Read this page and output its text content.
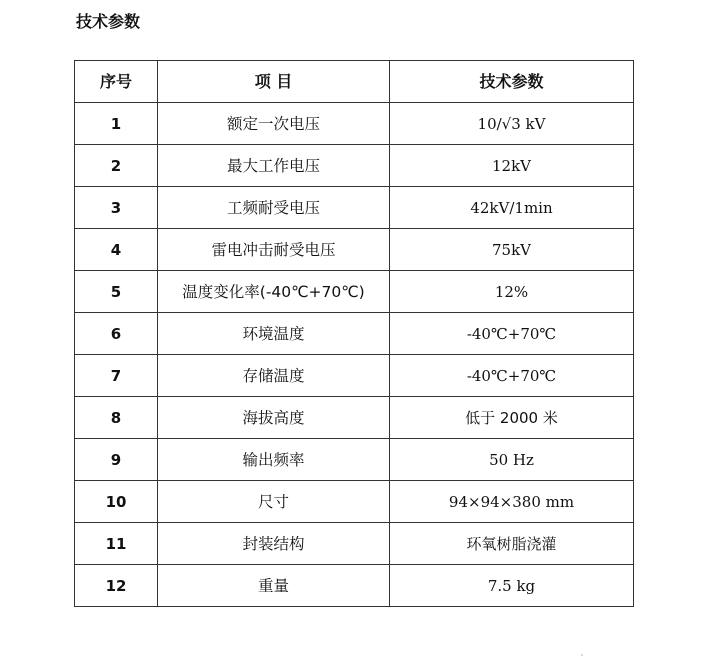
技术参数
序号	项 目	技术参数
1	额定一次电压	10/√3 kV
2	最大工作电压	12kV
3	工频耐受电压	42kV/1min
4	雷电冲击耐受电压	75kV
5	温度变化率(-40℃+70℃)	12%
6	环境温度	-40℃+70℃
7	存储温度	-40℃+70℃
8	海拔高度	低于 2000 米
9	输出频率	50 Hz
10	尺寸	94×94×380 mm
11	封装结构	环氧树脂浇灌
12	重量	7.5 kg
